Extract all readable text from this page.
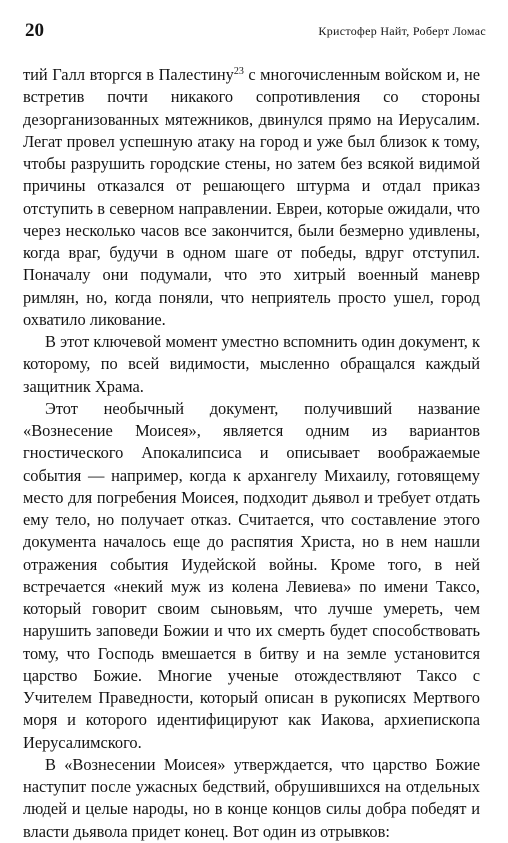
20	Кристофер Найт, Роберт Ломас

тий Галл вторгся в Палестину$^{23}$ с многочисленным войском и, не встретив почти никакого сопротивления со стороны дезорганизованных мятежников, двинулся прямо на Иерусалим. Легат провел успешную атаку на город и уже был близок к тому, чтобы разрушить городские стены, но затем без всякой видимой причины отказался от решающего штурма и отдал приказ отступить в северном направлении. Евреи, которые ожидали, что через несколько часов все закончится, были безмерно удивлены, когда враг, будучи в одном шаге от победы, вдруг отступил. Поначалу они подумали, что это хитрый военный маневр римлян, но, когда поняли, что неприятель просто ушел, город охватило ликование.

В этот ключевой момент уместно вспомнить один документ, к которому, по всей видимости, мысленно обращался каждый защитник Храма.

Этот необычный документ, получивший название «Вознесение Моисея», является одним из вариантов гностического Апокалипсиса и описывает воображаемые события — например, когда к архангелу Михаилу, готовящему место для погребения Моисея, подходит дьявол и требует отдать ему тело, но получает отказ. Считается, что составление этого документа началось еще до распятия Христа, но в нем нашли отражения события Иудейской войны. Кроме того, в ней встречается «некий муж из колена Левиева» по имени Таксо, который говорит своим сыновьям, что лучше умереть, чем нарушить заповеди Божии и что их смерть будет способствовать тому, что Господь вмешается в битву и на земле установится царство Божие. Многие ученые отождествляют Таксо с Учителем Праведности, который описан в рукописях Мертвого моря и которого идентифицируют как Иакова, архиепископа Иерусалимского.

В «Вознесении Моисея» утверждается, что царство Божие наступит после ужасных бедствий, обрушившихся на отдельных людей и целые народы, но в конце концов силы добра победят и власти дьявола придет конец. Вот один из отрывков:
